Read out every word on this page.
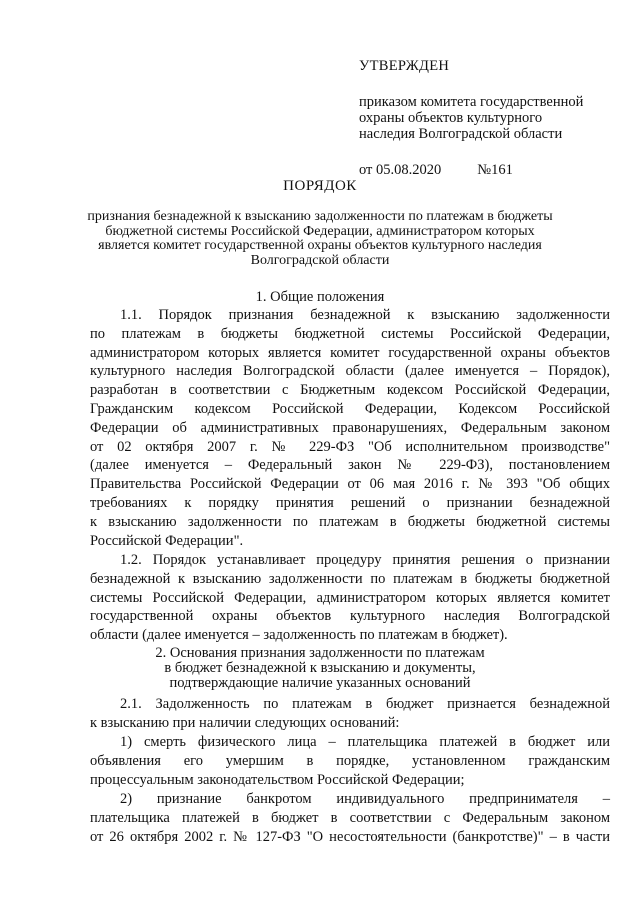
УТВЕРЖДЕН
приказом комитета государственной
охраны объектов культурного
наследия Волгоградской области
от 05.08.2020 №161
ПОРЯДОК
признания безнадежной к взысканию задолженности по платежам в бюджеты
бюджетной системы Российской Федерации, администратором которых
является комитет государственной охраны объектов культурного наследия
Волгоградской области
1. Общие положения
1.1. Порядок признания безнадежной к взысканию задолженности
по платежам в бюджеты бюджетной системы Российской Федерации,
администратором которых является комитет государственной охраны объектов
культурного наследия Волгоградской области (далее именуется – Порядок),
разработан в соответствии с Бюджетным кодексом Российской Федерации,
Гражданским кодексом Российской Федерации, Кодексом Российской
Федерации об административных правонарушениях, Федеральным законом
от 02 октября 2007 г. № 229-ФЗ "Об исполнительном производстве"
(далее именуется – Федеральный закон № 229-ФЗ), постановлением
Правительства Российской Федерации от 06 мая 2016 г. № 393 "Об общих
требованиях к порядку принятия решений о признании безнадежной
к взысканию задолженности по платежам в бюджеты бюджетной системы
Российской Федерации".
1.2. Порядок устанавливает процедуру принятия решения о признании
безнадежной к взысканию задолженности по платежам в бюджеты бюджетной
системы Российской Федерации, администратором которых является комитет
государственной охраны объектов культурного наследия Волгоградской
области (далее именуется – задолженность по платежам в бюджет).
2. Основания признания задолженности по платежам
в бюджет безнадежной к взысканию и документы,
подтверждающие наличие указанных оснований
2.1. Задолженность по платежам в бюджет признается безнадежной
к взысканию при наличии следующих оснований:
1) смерть физического лица – плательщика платежей в бюджет или
объявления его умершим в порядке, установленном гражданским
процессуальным законодательством Российской Федерации;
2) признание банкротом индивидуального предпринимателя –
плательщика платежей в бюджет в соответствии с Федеральным законом
от 26 октября 2002 г. № 127-ФЗ "О несостоятельности (банкротстве)" – в части
